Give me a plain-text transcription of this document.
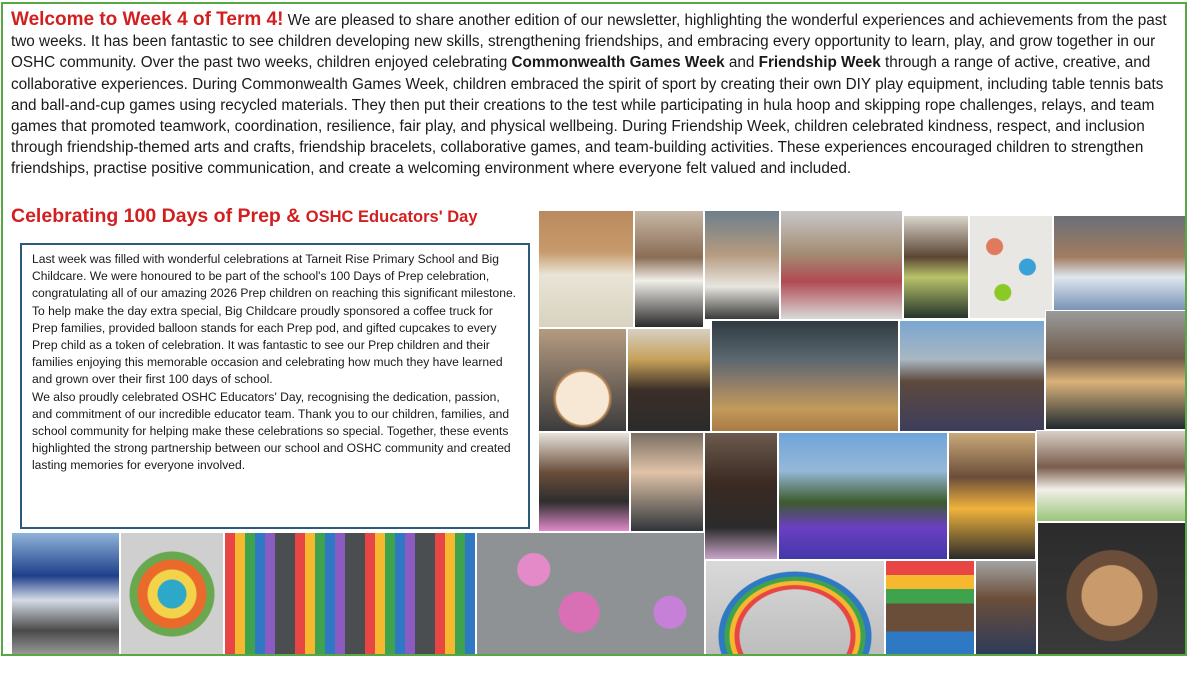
Welcome to Week 4 of Term 4! We are pleased to share another edition of our newsletter, highlighting the wonderful experiences and achievements from the past two weeks. It has been fantastic to see children developing new skills, strengthening friendships, and embracing every opportunity to learn, play, and grow together in our OSHC community. Over the past two weeks, children enjoyed celebrating Commonwealth Games Week and Friendship Week through a range of active, creative, and collaborative experiences. During Commonwealth Games Week, children embraced the spirit of sport by creating their own DIY play equipment, including table tennis bats and ball-and-cup games using recycled materials. They then put their creations to the test while participating in hula hoop and skipping rope challenges, relays, and team games that promoted teamwork, coordination, resilience, fair play, and physical wellbeing. During Friendship Week, children celebrated kindness, respect, and inclusion through friendship-themed arts and crafts, friendship bracelets, collaborative games, and team-building activities. These experiences encouraged children to strengthen friendships, practise positive communication, and create a welcoming environment where everyone felt valued and included.
Celebrating 100 Days of Prep & OSHC Educators' Day

Last week was filled with wonderful celebrations at Tarneit Rise Primary School and Big Childcare. We were honoured to be part of the school's 100 Days of Prep celebration, congratulating all of our amazing 2026 Prep children on reaching this significant milestone. To help make the day extra special, Big Childcare proudly sponsored a coffee truck for Prep families, provided balloon stands for each Prep pod, and gifted cupcakes to every Prep child as a token of celebration. It was fantastic to see our Prep children and their families enjoying this memorable occasion and celebrating how much they have learned and grown over their first 100 days of school.

We also proudly celebrated OSHC Educators' Day, recognising the dedication, passion, and commitment of our incredible educator team. Thank you to our children, families, and school community for helping make these celebrations so special. Together, these events highlighted the strong partnership between our school and OSHC community and created lasting memories for everyone involved.
